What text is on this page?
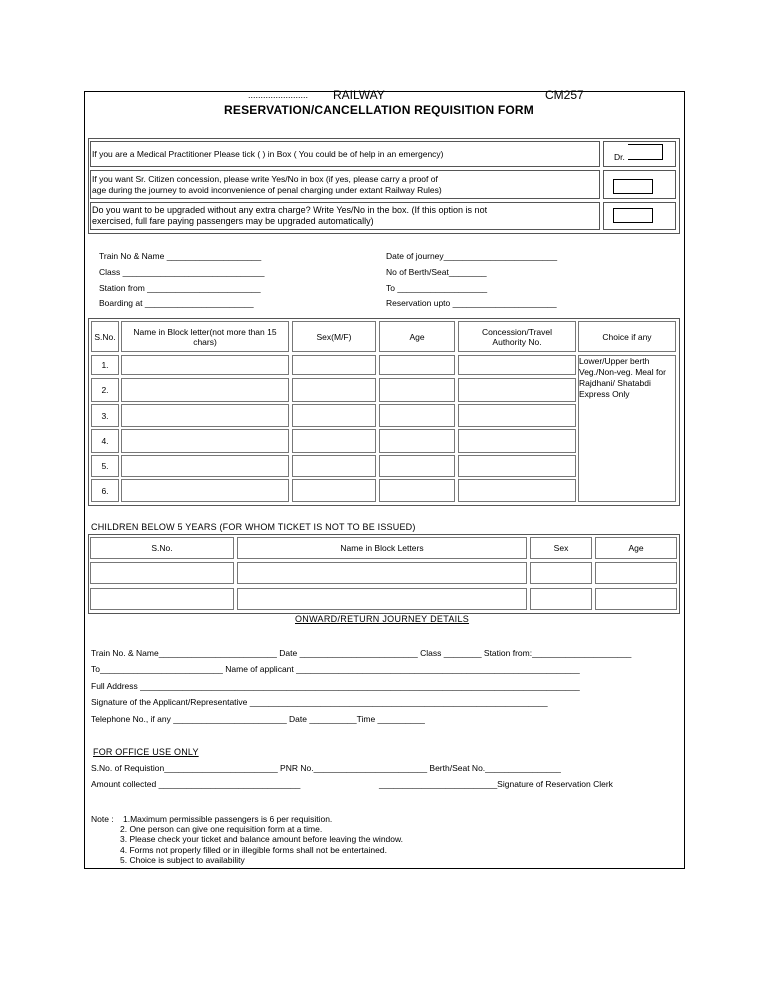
........................ RAILWAY	CM257
RESERVATION/CANCELLATION REQUISITION FORM
If you are a Medical Practitioner Please tick ( ) in Box ( You could be of help in an emergency)	Dr.
If you want Sr. Citizen concession, please write Yes/No in box (if yes, please carry a proof of
age during the journey to avoid inconvenience of penal charging under extant Railway Rules)
Do you want to be upgraded without any extra charge? Write Yes/No in the box. (If this option is not
exercised, full fare paying passengers may be upgraded automatically)
Train No & Name ____________________
Class ______________________________
Station from ________________________
Boarding at _______________________
Date of journey________________________
No of Berth/Seat________
To ___________________
Reservation upto ______________________
S.No.	Name in Block letter(not more than 15 chars)	Sex(M/F)	Age	Concession/Travel Authority No.	Choice if any
1.
2.
3.
4.
5.
6.
Lower/Upper berth
Veg./Non-veg. Meal for
Rajdhani/ Shatabdi
Express Only
CHILDREN BELOW 5 YEARS (FOR WHOM TICKET IS NOT TO BE ISSUED)
S.No.	Name in Block Letters	Sex	Age
ONWARD/RETURN JOURNEY DETAILS
Train No. & Name_________________________ Date _________________________ Class ________ Station from:_____________________
To__________________________ Name of applicant ____________________________________________________________
Full Address _____________________________________________________________________________________________
Signature of the Applicant/Representative _______________________________________________________________
Telephone No., if any ________________________ Date __________Time __________
FOR OFFICE USE ONLY
S.No. of Requistion________________________ PNR No.________________________ Berth/Seat No.________________
Amount collected ______________________________	_________________________Signature of Reservation Clerk
Note : 1.Maximum permissible passengers is 6 per requisition.
2. One person can give one requisition form at a time.
3. Please check your ticket and balance amount before leaving the window.
4. Forms not properly filled or in illegible forms shall not be entertained.
5. Choice is subject to availability
